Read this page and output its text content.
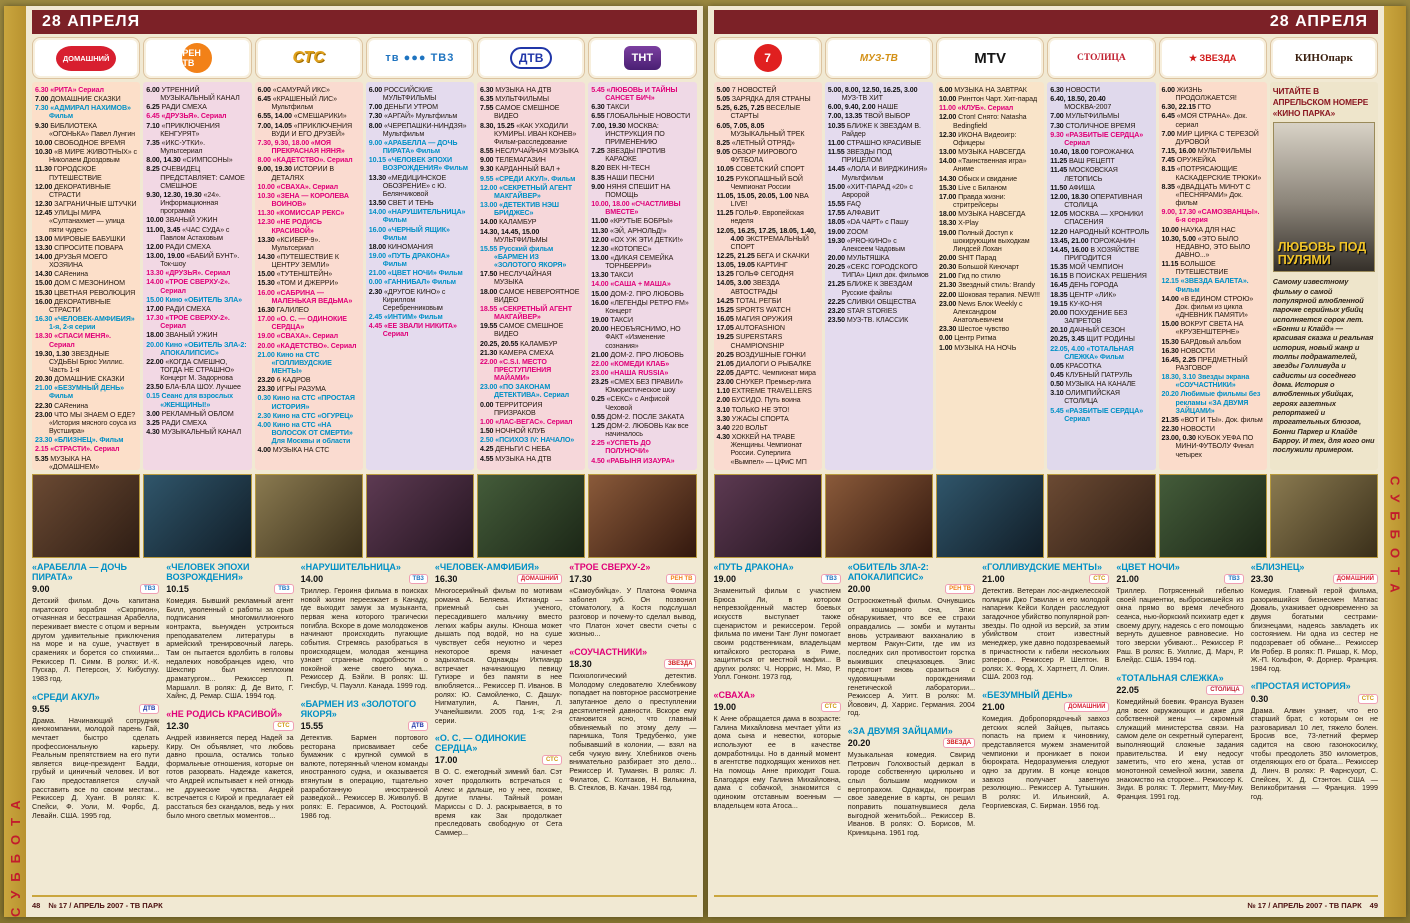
СУББОТА
28 АПРЕЛЯ
ДОМАШНИЙ
6.30 «РИТА» Сериал
7.00 ДОМАШНИЕ СКАЗКИ
7.30 «АДМИРАЛ НАХИМОВ» Фильм
9.30 БИБЛИОТЕКА «ОГОНЬКА» Павел Лунгин
10.00 СВОБОДНОЕ ВРЕМЯ
10.30 «В МИРЕ ЖИВОТНЫХ» с Николаем Дроздовым
11.30 ГОРОДСКОЕ ПУТЕШЕСТВИЕ
12.00 ДЕКОРАТИВНЫЕ СТРАСТИ
12.30 ЗАГРАНИЧНЫЕ ШТУЧКИ
12.45 УЛИЦЫ МИРА «Султанахмет — улица пяти чудес»
13.00 МИРОВЫЕ БАБУШКИ
13.30 СПРОСИТЕ ПОВАРА
14.00 ДРУЗЬЯ МОЕГО ХОЗЯИНА
14.30 CARенина
15.00 ДОМ С МЕЗОНИНОМ
15.30 ЦВЕТНАЯ РЕВОЛЮЦИЯ
16.00 ДЕКОРАТИВНЫЕ СТРАСТИ
16.30 «ЧЕЛОВЕК-АМФИБИЯ» 1-я, 2-я серии
18.30 «СПАСИ МЕНЯ». Сериал
19.30, 1.30 ЗВЕЗДНЫЕ СУДЬБЫ Брюс Уиллис. Часть 1-я
20.30 ДОМАШНИЕ СКАЗКИ
21.00 «БЕЗУМНЫЙ ДЕНЬ» Фильм
22.30 CARенина
23.00 ЧТО МЫ ЗНАЕМ О ЕДЕ? «История мясного соуса из Вустшира»
23.30 «БЛИЗНЕЦ». Фильм
2.15 «СТРАСТИ». Сериал
5.35 МУЗЫКА НА «ДОМАШНЕМ»
РЕН ТВ
6.00 УТРЕННИЙ МУЗЫКАЛЬНЫЙ КАНАЛ
6.25 РАДИ СМЕХА
6.45 «ДРУЗЬЯ». Сериал
7.10 «ПРИКЛЮЧЕНИЯ КЕНГУРЯТ»
7.35 «ИКС-УТКИ». Мультсериал
8.00, 14.30 «СИМПСОНЫ»
8.25 ОЧЕВИДЕЦ ПРЕДСТАВЛЯЕТ: САМОЕ СМЕШНОЕ
9.30, 12.30, 19.30 «24». Информационная программа
10.00 ЗВАНЫЙ УЖИН
11.00, 3.45 «ЧАС СУДА» с Павлом Астаховым
12.00 РАДИ СМЕХА
13.00, 19.00 «БАБИЙ БУНТ». Ток-шоу
13.30 «ДРУЗЬЯ». Сериал
14.00 «ТРОЕ СВЕРХУ-2». Сериал
15.00 Кино «ОБИТЕЛЬ ЗЛА»
17.00 РАДИ СМЕХА
17.30 «ТРОЕ СВЕРХУ-2». Сериал
18.00 ЗВАНЫЙ УЖИН
20.00 Кино «ОБИТЕЛЬ ЗЛА-2: АПОКАЛИПСИС»
22.00 «КОГДА СМЕШНО, ТОГДА НЕ СТРАШНО» Концерт М. Задорнова
23.50 БЛА-БЛА ШОУ. Лучшее
0.15 Сеанс для взрослых «ЖЕНЩИНЫ!»
3.00 РЕКЛАМНЫЙ ОБЛОМ
3.25 РАДИ СМЕХА
4.30 МУЗЫКАЛЬНЫЙ КАНАЛ
СТС
6.00 «САМУРАЙ ИКС»
6.45 «КРАШЕНЫЙ ЛИС» Мультфильм
6.55, 14.00 «СМЕШАРИКИ»
7.00, 14.05 «ПРИКЛЮЧЕНИЯ ВУДИ И ЕГО ДРУЗЕЙ»
7.30, 9.30, 18.00 «МОЯ ПРЕКРАСНАЯ НЯНЯ»
8.00 «КАДЕТСТВО». Сериал
9.00, 19.30 ИСТОРИИ В ДЕТАЛЯХ
10.00 «СВАХА». Сериал
10.30 «ЗЕНА — КОРОЛЕВА ВОИНОВ»
11.30 «КОМИССАР РЕКС»
12.30 «НЕ РОДИСЬ КРАСИВОЙ»
13.30 «КСИБЕР-9». Мультсериал
14.30 «ПУТЕШЕСТВИЕ К ЦЕНТРУ ЗЕМЛИ»
15.00 «ТУТЕНШТЕЙН»
15.30 «ТОМ И ДЖЕРРИ»
16.00 «САБРИНА — МАЛЕНЬКАЯ ВЕДЬМА»
16.30 ГАЛИЛЕО
17.00 «О. С. — ОДИНОКИЕ СЕРДЦА»
19.00 «СВАХА». Сериал
20.00 «КАДЕТСТВО». Сериал
21.00 Кино на СТС «ГОЛЛИВУДСКИЕ МЕНТЫ»
23.20 6 КАДРОВ
23.30 ИГРЫ РАЗУМА
0.30 Кино на СТС «ПРОСТАЯ ИСТОРИЯ»
2.30 Кино на СТС «ОГУРЕЦ»
4.00 Кино на СТС «НА ВОЛОСОК ОТ СМЕРТИ» Для Москвы и области
4.00 МУЗЫКА НА СТС
тв ●●● ТВ3
6.00 РОССИЙСКИЕ МУЛЬТФИЛЬМЫ
7.00 ДЕНЬГИ УТРОМ
7.30 «АРГАЙ» Мультфильм
8.00 «ЧЕРЕПАШКИ-НИНДЗЯ» Мультфильм
9.00 «АРАБЕЛЛА — ДОЧЬ ПИРАТА» Фильм
10.15 «ЧЕЛОВЕК ЭПОХИ ВОЗРОЖДЕНИЯ» Фильм
13.30 «МЕДИЦИНСКОЕ ОБОЗРЕНИЕ» с Ю. Белянчиковой
13.50 СВЕТ И ТЕНЬ
14.00 «НАРУШИТЕЛЬНИЦА» Фильм
16.00 «ЧЕРНЫЙ ЯЩИК» Фильм
18.00 КИНОМАНИЯ
19.00 «ПУТЬ ДРАКОНА» Фильм
21.00 «ЦВЕТ НОЧИ» Фильм
0.00 «ГАННИБАЛ» Фильм
2.30 «ДРУГОЕ КИНО» с Кириллом Серебренниковым
2.45 «ИНТИМ» Фильм
4.45 «ЕЕ ЗВАЛИ НИКИТА» Сериал
ДТВ
6.30 МУЗЫКА НА ДТВ
6.35 МУЛЬТФИЛЬМЫ
7.55 САМОЕ СМЕШНОЕ ВИДЕО
8.30, 15.25 «КАК УХОДИЛИ КУМИРЫ. ИВАН КОНЕВ» Фильм-расследование
8.55 НЕСЛУЧАЙНАЯ МУЗЫКА
9.00 ТЕЛЕМАГАЗИН
9.30 КАРДАННЫЙ ВАЛ +
9.55 «СРЕДИ АКУЛ». Фильм
12.00 «СЕКРЕТНЫЙ АГЕНТ МАКГАЙВЕР»
13.00 «ДЕТЕКТИВ НЭШ БРИДЖЕС»
14.00 КАЛАМБУР
14.30, 14.45, 15.00 МУЛЬТФИЛЬМЫ
15.55 Русский фильм «БАРМЕН ИЗ «ЗОЛОТОГО ЯКОРЯ»
17.50 НЕСЛУЧАЙНАЯ МУЗЫКА
18.00 САМОЕ НЕВЕРОЯТНОЕ ВИДЕО
18.55 «СЕКРЕТНЫЙ АГЕНТ МАКГАЙВЕР»
19.55 САМОЕ СМЕШНОЕ ВИДЕО
20.25, 20.55 КАЛАМБУР
21.30 КАМЕРА СМЕХА
22.00 «C.S.I. МЕСТО ПРЕСТУПЛЕНИЯ МАЙАМИ»
23.00 «ПО ЗАКОНАМ ДЕТЕКТИВА». Сериал
0.00 ТЕРРИТОРИЯ ПРИЗРАКОВ
1.00 «ЛАС-ВЕГАС». Сериал
1.50 НОЧНОЙ КЛУБ
2.50 «ПСИХОЗ IV: НАЧАЛО»
4.25 ДЕНЬГИ С НЕБА
4.55 МУЗЫКА НА ДТВ
ТНТ
5.45 «ЛЮБОВЬ И ТАЙНЫ САНСЕТ БИЧ»
6.30 ТАКСИ
6.55 ГЛОБАЛЬНЫЕ НОВОСТИ
7.00, 19.30 МОСКВА: ИНСТРУКЦИЯ ПО ПРИМЕНЕНИЮ
7.25 ЗВЕЗДЫ ПРОТИВ КАРАОКЕ
8.20 ВЕК HI-TECH
8.35 НАШИ ПЕСНИ
9.00 НЯНЯ СПЕШИТ НА ПОМОЩЬ
10.00, 18.00 «СЧАСТЛИВЫ ВМЕСТЕ»
11.00 «КРУТЫЕ БОБРЫ»
11.30 «ЭЙ, АРНОЛЬД!»
12.00 «ОХ УЖ ЭТИ ДЕТКИ!»
12.30 «КОТОПЕС»
13.00 «ДИКАЯ СЕМЕЙКА ТОРНБЕРРИ»
13.30 ТАКСИ
14.00 «САША + МАША»
15.00 ДОМ-2. ПРО ЛЮБОВЬ
16.00 «ЛЕГЕНДЫ РЕТРО FM» Концерт
19.00 ТАКСИ
20.00 НЕОБЪЯСНИМО, НО ФАКТ «Изменение сознания»
21.00 ДОМ-2. ПРО ЛЮБОВЬ
22.00 «КОМЕДИ КЛАБ»
23.00 «НАША RUSSIA»
23.25 «СМЕХ БЕЗ ПРАВИЛ» Юмористическое шоу
0.25 «СЕКС» с Анфисой Чеховой
0.55 ДОМ-2. ПОСЛЕ ЗАКАТА
1.25 ДОМ-2. ЛЮБОВЬ Как все начиналось
2.25 «УСПЕТЬ ДО ПОЛУНОЧИ»
4.50 «РАБЫНЯ ИЗАУРА»
«АРАБЕЛЛА — ДОЧЬ ПИРАТА»
9.00	ТВ3

Детский фильм. Дочь капитана пиратского корабля «Скорпион», отчаянная и бесстрашная Арабелла, переживает вместе с отцом и верным другом удивительные приключения на море и на суше, участвует в сражениях и борется со стихиями... Режиссер П. Симм. В ролях: И.-К. Пускар, Л. Петерсон, У. Кибуспуу. 1983 год.

«СРЕДИ АКУЛ»
9.55	ДТВ

Драма. Начинающий сотрудник кинокомпании, молодой парень Гай, мечтает быстро сделать профессиональную карьеру. Реальным препятствием на его пути является вице-президент Бадди, грубый и циничный человек. И вот Гаю предоставляется случай расставить все по своим местам... Режиссер Д. Хуанг. В ролях: К. Спейси, Ф. Уоли, М. Форбс, Д. Левайн. США. 1995 год.

«ЧЕЛОВЕК ЭПОХИ ВОЗРОЖДЕНИЯ»
10.15	ТВ3

Комедия. Бывший рекламный агент Билл, уволенный с работы за срыв подписания многомиллионного контракта, вынужден устроиться преподавателем литературы в армейский тренировочный лагерь. Там он пытается вдолбить в головы недалеких новобранцев идею, что Шекспир был неплохим драматургом... Режиссер П. Маршалл. В ролях: Д. Де Вито, Г. Хайнс, Д. Ремар. США. 1994 год.

«НЕ РОДИСЬ КРАСИВОЙ»
12.30	СТС

Андрей извиняется перед Надей за Киру. Он объявляет, что любовь давно прошла, остались только формальные отношения, которые он готов разорвать. Надежде кажется, что Андрей испытывает к ней отнюдь не дружеские чувства. Андрей встречается с Кирой и предлагает ей расстаться без скандалов, ведь у них было много светлых моментов...

«НАРУШИТЕЛЬНИЦА»
14.00	ТВ3

Триллер. Героиня фильма в поисках новой жизни переезжает в Канаду, где выходит замуж за музыканта, первая жена которого трагически погибла. Вскоре в доме молодоженов начинают происходить пугающие события. Стремясь разобраться в происходящем, молодая женщина узнает странные подробности о покойной жене своего мужа... Режиссер Д. Бэйли. В ролях: Ш. Гинсбур, Ч. Пауэлл. Канада. 1999 год.

«БАРМЕН ИЗ «ЗОЛОТОГО ЯКОРЯ»
15.55	ДТВ

Детектив. Бармен портового ресторана присваивает себе бумажник с крупной суммой в валюте, потерянный членом команды иностранного судна, и оказывается втянутым в операцию, тщательно разработанную иностранной разведкой... Режиссер В. Живолуб. В ролях: Е. Герасимов, А. Ростоцкий. 1986 год.

«ЧЕЛОВЕК-АМФИБИЯ»
16.30	ДОМАШНИЙ

Многосерийный фильм по мотивам романа А. Беляева. Ихтиандр — приемный сын ученого, пересадившего мальчику вместо легких жабры акулы. Юноша может дышать под водой, но на суше чувствует себя неуютно и через некоторое время начинает задыхаться. Однажды Ихтиандр встречает начинающую певицу Гутиэре и без памяти в нее влюбляется... Режиссер П. Иванов. В ролях: Ю. Самойленко, С. Дашук-Нигматулин, А. Панин, Л. Учанейшвили. 2005 год. 1-я; 2-я серии.

«О. С. — ОДИНОКИЕ СЕРДЦА»
17.00	СТС

В О. С. ежегодный зимний бал. Сэт хочет продолжить встречаться с Алекс и дальше, но у нее, похоже, другие планы. Тайный роман Мариссы с D. J. раскрывается, в то время как Зак продолжает преследовать свободную от Сета Саммер...

«ТРОЕ СВЕРХУ-2»
17.30	РЕН ТВ

«Самоубийца». У Платона Фомича заболел зуб. Он позвонил стоматологу, а Костя подслушал разговор и почему-то сделал вывод, что Платон хочет свести счеты с жизнью...

«СОУЧАСТНИКИ»
18.30	ЗВЕЗДА

Психологический детектив. Молодому следователю Хлебникову попадает на повторное рассмотрение запутанное дело о преступлении десятилетней давности. Вскоре ему становится ясно, что главный обвиняемый по этому делу — парнишка, Толя Тредубенко, уже побывавший в колонии, — взял на себя чужую вину. Хлебников очень внимательно разбирает это дело... Режиссер И. Туманян. В ролях: Л. Филатов, С. Колтаков, Н. Вилькина, В. Стеклов, В. Качан. 1984 год.

48 № 17 / АПРЕЛЬ 2007 - ТВ ПАРК
28 АПРЕЛЯ
7
5.00 7 НОВОСТЕЙ
5.05 ЗАРЯДКА ДЛЯ СТРАНЫ
5.25, 6.25, 7.25 ВЕСЕЛЫЕ СТАРТЫ
6.05, 7.05, 8.05 МУЗЫКАЛЬНЫЙ ТРЕК
8.25 «ЛЕТНЫЙ ОТРЯД»
9.05 ОБЗОР МИРОВОГО ФУТБОЛА
10.05 СОВЕТСКИЙ СПОРТ
10.25 РУКОПАШНЫЙ БОЙ Чемпионат России
11.05, 15.05, 20.05, 1.00 NBA LIVE!
11.25 ГОЛЬФ. Европейская неделя
12.05, 16.25, 17.25, 18.05, 1.40, 4.00 ЭКСТРЕМАЛЬНЫЙ СПОРТ
12.25, 21.25 БЕГА И СКАЧКИ
13.05, 19.05 КАРТИНГ
13.25 ГОЛЬФ СЕГОДНЯ
14.05, 3.00 ЗВЕЗДА АВТОСТРАДЫ
14.25 TOTAL РЕГБИ
15.25 SPORTS WATCH
16.05 МАГИЯ ОРУЖИЯ
17.05 AUTOFASHION
19.25 SUPERSTARS CHAMPIONSHIP
20.25 ВОЗДУШНЫЕ ГОНКИ
21.05 ДИАЛОГИ О РЫБАЛКЕ
22.05 ДАРТС. Чемпионат мира
23.00 СНУКЕР. Премьер-лига
1.10 EXTREME TRAVELLERS
2.00 БУСИДО. Путь воина
3.10 ТОЛЬКО НЕ ЭТО!
3.30 УЖАСЫ СПОРТА
3.40 220 ВОЛЬТ
4.30 ХОККЕЙ НА ТРАВЕ Женщины. Чемпионат России. Суперлига «Вымпел» — ЦФиС МП
МУЗ-ТВ
5.00, 8.00, 12.50, 16.25, 3.00 МУЗ-ТВ ХИТ
6.00, 9.40, 2.00 НАШЕ
7.00, 13.35 ТВОЙ ВЫБОР
10.35 БЛИЖЕ К ЗВЕЗДАМ В. Райдер
11.00 СТРАШНО КРАСИВЫЕ
11.55 ЗВЕЗДЫ ПОД ПРИЦЕЛОМ
14.45 «ЛОЛА И ВИРДЖИНИЯ» Мультфильм
15.00 «ХИТ-ПАРАД «20» с Авророй
15.55 FAQ
17.55 АЛФАВИТ
18.05 «DA ЧАРТ» с Пашу
19.00 ZOOM
19.30 «PRO-КИНО» с Алексеем Чадовым
20.00 МУЛЬТЯШКА
20.25 «СЕКС ГОРОДСКОГО ТИПА» Цикл док. фильмов
21.25 БЛИЖЕ К ЗВЕЗДАМ Русские файлы
22.25 СЛИВКИ ОБЩЕСТВА
23.20 STAR STORIES
23.50 МУЗ-ТВ. КЛАССИК
MTV
6.00 МУЗЫКА НА ЗАВТРАК
10.00 Рингтон Чарт. Хит-парад
11.00 «КЛУБ». Сериал
12.00 Стоп! Снято: Natasha Bedingfield
12.30 ИКОНА Видеоигр: Офицеры
13.00 МУЗЫКА НАВСЕГДА
14.00 «Таинственная игра» Аниме
14.30 Обыск и свидание
15.30 Live с Биланом
17.00 Правда жизни: стритрейсеры
18.00 МУЗЫКА НАВСЕГДА
18.30 X-Play
19.00 Полный Доступ к шокирующим выходкам Линдсей Лохан
20.00 SHIT Парад
20.30 Большой Киночарт
21.00 Гид по стилю
21.30 Звездный стиль: Brandy
22.00 Шоковая терапия. NEW!!!
23.00 News Блок Weekly с Александром Анатольевичем
23.30 Шестое чувство
0.00 Центр Ритма
1.00 МУЗЫКА НА НОЧЬ
СТОЛИЦА
6.30 НОВОСТИ
6.40, 18.50, 20.40 МОСКВА-2007
7.00 МУЛЬТФИЛЬМЫ
7.30 СТОЛИЧНОЕ ВРЕМЯ
9.30 «РАЗБИТЫЕ СЕРДЦА» Сериал
10.40, 18.00 ГОРОЖАНКА
11.25 ВАШ РЕЦЕПТ
11.45 МОСКОВСКАЯ ЛЕТОПИСЬ
11.50 АФИША
12.00, 18.30 ОПЕРАТИВНАЯ СТОЛИЦА
12.05 МОСКВА — ХРОНИКИ СПАСЕНИЯ
12.20 НАРОДНЫЙ КОНТРОЛЬ
13.45, 21.00 ГОРОЖАНИН
14.45, 16.00 В ХОЗЯЙСТВЕ ПРИГОДИТСЯ
15.35 МОЙ ЧЕМПИОН
16.15 В ПОИСКАХ РЕШЕНИЯ
16.45 ДЕНЬ ГОРОДА
18.35 ЦЕНТР «ЛИК»
19.15 КУ-КО-НЯ
20.00 ПОХУДЕНИЕ БЕЗ ЗАПРЕТОВ
20.10 ДАЧНЫЙ СЕЗОН
20.25, 3.45 ЩИТ РОДИНЫ
22.05, 4.00 «ТОТАЛЬНАЯ СЛЕЖКА» Фильм
0.05 КРАСОТКА
0.45 КЛУБНЫЙ ПАТРУЛЬ
0.50 МУЗЫКА НА КАНАЛЕ
3.10 ОЛИМПИЙСКАЯ СТОЛИЦА
5.45 «РАЗБИТЫЕ СЕРДЦА» Сериал
★ ЗВЕЗДА
6.00 ЖИЗНЬ ПРОДОЛЖАЕТСЯ!
6.30, 22.15 ГТО
6.45 «МОЯ СТРАНА». Док. сериал
7.00 МИР ЦИРКА С ТЕРЕЗОЙ ДУРОВОЙ
7.15, 16.00 МУЛЬТФИЛЬМЫ
7.45 ОРУЖЕЙКА
8.15 «ПОТРЯСАЮЩИЕ КАСКАДЕРСКИЕ ТРЮКИ»
8.35 «ДВАДЦАТЬ МИНУТ С «ПЕСНЯРАМИ» Док. фильм
9.00, 17.30 «САМОЗВАНЦЫ». 6-я серия
10.00 НАУКА ДЛЯ НАС
10.30, 5.00 «ЭТО БЫЛО НЕДАВНО, ЭТО БЫЛО ДАВНО...»
11.15 БОЛЬШОЕ ПУТЕШЕСТВИЕ
12.15 «ЗВЕЗДА БАЛЕТА». Фильм
14.00 «В ЕДИНОМ СТРОЮ» Док. фильм из цикла «ДНЕВНИК ПАМЯТИ»
15.00 ВОКРУГ СВЕТА НА «КРУЗЕНШТЕРНЕ»
15.30 БАРДовый альбом
16.30 НОВОСТИ
16.45, 2.25 ПРЕДМЕТНЫЙ РАЗГОВОР
18.30, 3.10 Звезды экрана «СОУЧАСТНИКИ»
20.20 Любимые фильмы без рекламы «ЗА ДВУМЯ ЗАЙЦАМИ»
21.35 «ВОТ И ТЫ». Док. фильм
22.30 НОВОСТИ
23.00, 0.30 КУБОК УЕФА ПО МИНИ-ФУТБОЛУ Финал четырех
КИНОпарк

ЧИТАЙТЕ В АПРЕЛЬСКОМ НОМЕРЕ «КИНО ПАРКА»

ЛЮБОВЬ ПОД ПУЛЯМИ

Самому известному фильму о самой популярной влюбленной парочке серийных убийц исполняется сорок лет. «Бонни и Клайд» — красивая сказка и реальная история, новый жанр и толпы подражателей, звезды Голливуда и садисты из соседнего дома. История о влюбленных убийцах, героях газетных репортажей и трогательных блюзов, Бонни Паркер и Клайде Барроу. И тех, для кого они послужили примером.

«ПУТЬ ДРАКОНА»
19.00	ТВ3

Знаменитый фильм с участием Брюса Ли, в котором непревзойденный мастер боевых искусств выступает также сценаристом и режиссером. Герой фильма по имени Танг Лунг помогает своим родственникам, владельцам китайского ресторана в Риме, защититься от местной мафии... В других ролях: Ч. Норрис, Н. Мяо, Р. Уолл. Гонконг. 1973 год.

«СВАХА»
19.00	СТС

К Анне обращается дама в возрасте: Галина Михайловна мечтает уйти из дома сына и невестки, которые используют ее в качестве домработницы. Но в данный момент в агентстве подходящих женихов нет. На помощь Анне приходит Гоша. Благодаря ему Галина Михайловна, дама с собачкой, знакомится с одиноким отставным военным — владельцем кота Атоса...

«ОБИТЕЛЬ ЗЛА-2: АПОКАЛИПСИС»
20.00	РЕН ТВ

Остросюжетный фильм. Очнувшись от кошмарного сна, Элис обнаруживает, что все ее страхи оправдались — зомби и мутанты вновь устраивают вакханалию в мертвом Ракун-Сити, где им из последних сил противостоит горстка выживших спецназовцев. Элис предстоит вновь сразиться с чудовищными порождениями генетической лаборатории... Режиссер А. Уитт. В ролях: М. Йовович, Д. Харрис. Германия. 2004 год.

«ЗА ДВУМЯ ЗАЙЦАМИ»
20.20	ЗВЕЗДА

Музыкальная комедия. Свирид Петрович Голохвостый держал в городе собственную цирюльню и слыл большим модником и вертопрахом. Однажды, проиграв свое заведение в карты, он решил поправить пошатнувшиеся дела выгодной женитьбой... Режиссер В. Иванов. В ролях: О. Борисов, М. Криницына. 1961 год.

«ГОЛЛИВУДСКИЕ МЕНТЫ»
21.00	СТС

Детектив. Ветеран лос-анджелесской полиции Джо Гэвилан и его молодой напарник Кейси Колден расследуют загадочное убийство популярной рэп-звезды. По одной из версий, за этим убийством стоит известный менеджер, уже давно подозреваемый в причастности к гибели нескольких рэперов... Режиссер Р. Шелтон. В ролях: Х. Форд, Х. Хартнетт, Л. Олин. США. 2003 год.

«БЕЗУМНЫЙ ДЕНЬ»
21.00	ДОМАШНИЙ

Комедия. Добропорядочный завхоз детских яслей Зайцев, пытаясь попасть на прием к чиновнику, представляется мужем знаменитой чемпионки и проникает в покои бюрократа. Недоразумения следуют одно за другим. В конце концов завхоз получает заветную резолюцию... Режиссер А. Тутышкин. В ролях: И. Ильинский, А. Георгиевская, С. Бирман. 1956 год.

«ЦВЕТ НОЧИ»
21.00	ТВ3

Триллер. Потрясенный гибелью своей пациентки, выбросившейся из окна прямо во время лечебного сеанса, нью-йоркский психиатр едет к своему другу, надеясь с его помощью вернуть душевное равновесие. Но того зверски убивают... Режиссер Р. Раш. В ролях: Б. Уиллис, Д. Марч, Р. Блейдс. США. 1994 год.

«ТОТАЛЬНАЯ СЛЕЖКА»
22.05	СТОЛИЦА

Комедийный боевик. Франсуа Вуазен для всех окружающих и даже для собственной жены — скромный служащий министерства связи. На самом деле он секретный суперагент, выполняющий сложные задания правительства. И ему недосуг заметить, что его жена, устав от монотонной семейной жизни, завела знакомство на стороне... Режиссер К. Зиди. В ролях: Т. Лермитт, Миу-Миу. Франция. 1991 год.

«БЛИЗНЕЦ»
23.30	ДОМАШНИЙ

Комедия. Главный герой фильма, разорившийся бизнесмен Матиас Дюваль, ухаживает одновременно за двумя богатыми сестрами-близнецами, надеясь завладеть их состоянием. Ни одна из сестер не подозревает об обмане... Режиссер Ив Робер. В ролях: П. Ришар, К. Мор, Ж.-П. Кольфон, Ф. Дорнер. Франция. 1984 год.

«ПРОСТАЯ ИСТОРИЯ»
0.30	СТС

Драма. Алвин узнает, что его старший брат, с которым он не разговаривал 10 лет, тяжело болен. Бросив все, 73-летний фермер садится на свою газонокосилку, чтобы преодолеть 350 километров, отделяющих его от брата... Режиссер Д. Линч. В ролях: Р. Фарнсуорт, С. Спейсек, Х. Д. Стэнтон. США — Великобритания — Франция. 1999 год.

№ 17 / АПРЕЛЬ 2007 - ТВ ПАРК 49
СУББОТА
